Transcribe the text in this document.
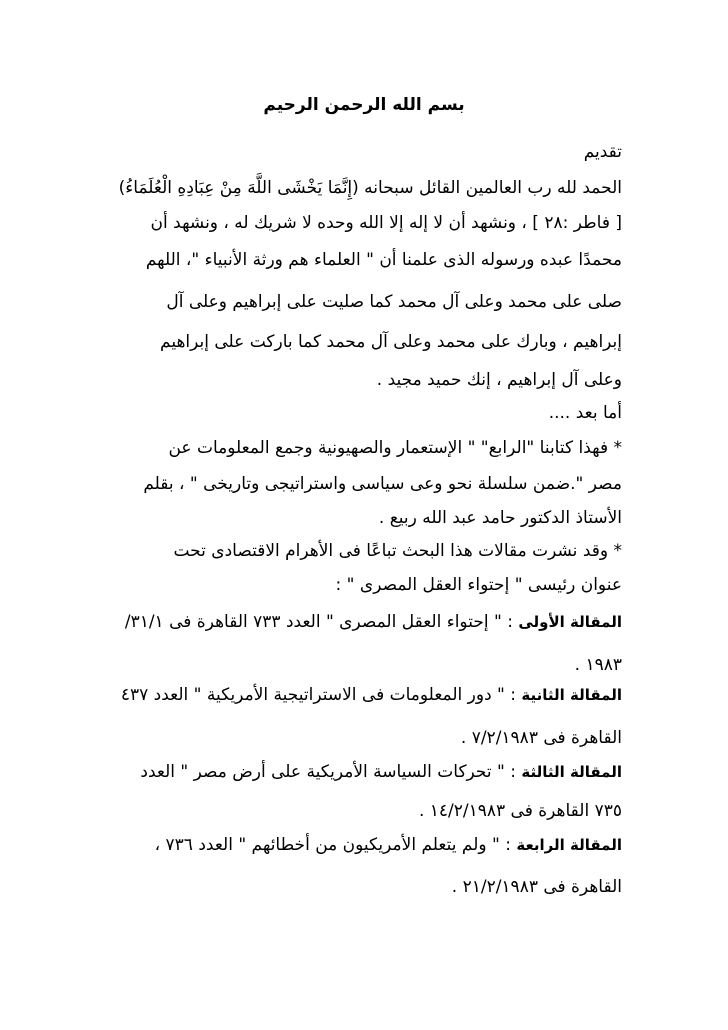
بسم الله الرحمن الرحيم
تقديم
الحمد لله رب العالمين القائل سبحانه (إِنَّمَا يَخْشَى اللَّهَ مِنْ عِبَادِهِ الْعُلَمَاءُ)
[ فاطر :٢٨ ] ، ونشهد أن لا إله إلا الله وحده لا شريك له ، ونشهد أن
محمدًا عبده ورسوله الذى علمنا أن " العلماء هم ورثة الأنبياء "، اللهم
صلى على محمد وعلى آل محمد كما صليت على إبراهيم وعلى آل
إبراهيم ، وبارك على محمد وعلى آل محمد كما باركت على إبراهيم
وعلى آل إبراهيم ، إنك حميد مجيد .
أما بعد ....
* فهذا كتابنا "الرابع" " الإستعمار والصهيونية وجمع المعلومات عن
مصر ".ضمن سلسلة نحو وعى سياسى واستراتيجى وتاريخى " ، بقلم
الأستاذ الدكتور حامد عبد الله ربيع .
* وقد نشرت مقالات هذا البحث تباعًا فى الأهرام الاقتصادى تحت
عنوان رئيسى " إحتواء العقل المصرى " :
المقالة الأولى : " إحتواء العقل المصرى " العدد ٧٣٣ القاهرة فى ٣١/١/
١٩٨٣ .
المقالة الثانية : " دور المعلومات فى الاستراتيجية الأمريكية " العدد ٤٣٧
القاهرة فى ٧/٢/١٩٨٣ .
المقالة الثالثة : " تحركات السياسة الأمريكية على أرض مصر " العدد
٧٣٥ القاهرة فى ١٤/٢/١٩٨٣ .
المقالة الرابعة : " ولم يتعلم الأمريكيون من أخطائهم " العدد ٧٣٦ ،
القاهرة فى ٢١/٢/١٩٨٣ .
